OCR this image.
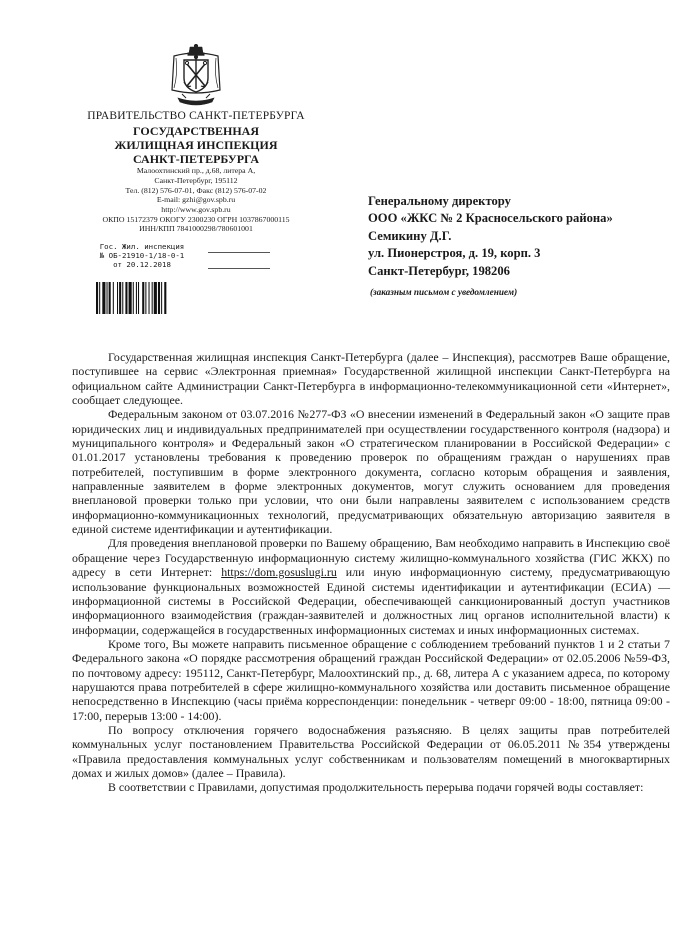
ПРАВИТЕЛЬСТВО САНКТ-ПЕТЕРБУРГА
ГОСУДАРСТВЕННАЯ
ЖИЛИЩНАЯ ИНСПЕКЦИЯ
САНКТ-ПЕТЕРБУРГА
Малоохтинский пр., д.68, литера А,
Санкт-Петербург, 195112
Тел. (812) 576-07-01, Факс (812) 576-07-02
E-mail: gzhi@gov.spb.ru
http://www.gov.spb.ru
ОКПО 15172379 ОКОГУ 2300230 ОГРН 1037867000115
ИНН/КПП 7841000298/780601001
Гос. Жил. инспекция
№ ОБ-21910-1/18-0-1
от 20.12.2018
Генеральному директору
ООО «ЖКС № 2 Красносельского района»
Семикину Д.Г.
ул. Пионерстроя, д. 19, корп. 3
Санкт-Петербург, 198206
(заказным письмом с уведомлением)

Государственная жилищная инспекция Санкт-Петербурга (далее – Инспекция), рассмотрев Ваше обращение, поступившее на сервис «Электронная приемная» Государственной жилищной инспекции Санкт-Петербурга на официальном сайте Администрации Санкт-Петербурга в информационно-телекоммуникационной сети «Интернет», сообщает следующее.

Федеральным законом от 03.07.2016 №277-ФЗ «О внесении изменений в Федеральный закон «О защите прав юридических лиц и индивидуальных предпринимателей при осуществлении государственного контроля (надзора) и муниципального контроля» и Федеральный закон «О стратегическом планировании в Российской Федерации» с 01.01.2017 установлены требования к проведению проверок по обращениям граждан о нарушениях прав потребителей, поступившим в форме электронного документа, согласно которым обращения и заявления, направленные заявителем в форме электронных документов, могут служить основанием для проведения внеплановой проверки только при условии, что они были направлены заявителем с использованием средств информационно-коммуникационных технологий, предусматривающих обязательную авторизацию заявителя в единой системе идентификации и аутентификации.

Для проведения внеплановой проверки по Вашему обращению, Вам необходимо направить в Инспекцию своё обращение через Государственную информационную систему жилищно-коммунального хозяйства (ГИС ЖКХ) по адресу в сети Интернет: https://dom.gosuslugi.ru или иную информационную систему, предусматривающую использование функциональных возможностей Единой системы идентификации и аутентификации (ЕСИА) — информационной системы в Российской Федерации, обеспечивающей санкционированный доступ участников информационного взаимодействия (граждан-заявителей и должностных лиц органов исполнительной власти) к информации, содержащейся в государственных информационных системах и иных информационных системах.

Кроме того, Вы можете направить письменное обращение с соблюдением требований пунктов 1 и 2 статьи 7 Федерального закона «О порядке рассмотрения обращений граждан Российской Федерации» от 02.05.2006 №59-ФЗ, по почтовому адресу: 195112, Санкт-Петербург, Малоохтинский пр., д. 68, литера А с указанием адреса, по которому нарушаются права потребителей в сфере жилищно-коммунального хозяйства или доставить письменное обращение непосредственно в Инспекцию (часы приёма корреспонденции: понедельник - четверг 09:00 - 18:00, пятница 09:00 - 17:00, перерыв 13:00 - 14:00).

По вопросу отключения горячего водоснабжения разъясняю. В целях защиты прав потребителей коммунальных услуг постановлением Правительства Российской Федерации от 06.05.2011 №354 утверждены «Правила предоставления коммунальных услуг собственникам и пользователям помещений в многоквартирных домах и жилых домов» (далее – Правила).

В соответствии с Правилами, допустимая продолжительность перерыва подачи горячей воды составляет:
